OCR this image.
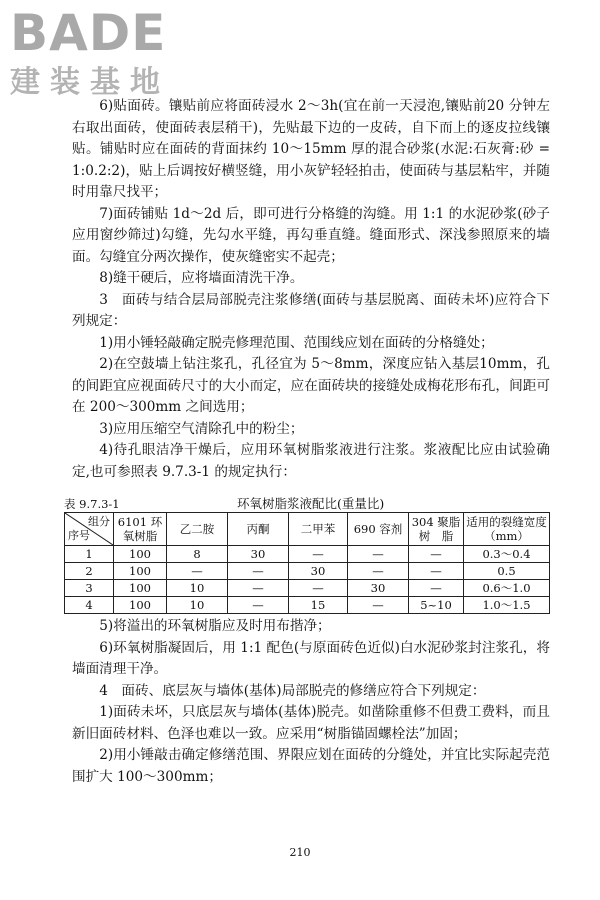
BADE
建装基地

6)贴面砖。镶贴前应将面砖浸水 2～3h(宜在前一天浸泡,镶贴前20 分钟左右取出面砖，使面砖表层稍干)，先贴最下边的一皮砖，自下而上的逐皮拉线镶贴。铺贴时应在面砖的背面抹约 10～15mm 厚的混合砂浆(水泥:石灰膏:砂 = 1:0.2:2)，贴上后调按好横竖缝，用小灰铲轻轻拍击，使面砖与基层粘牢，并随时用靠尺找平；

7)面砖铺贴 1d～2d 后，即可进行分格缝的沟缝。用 1:1 的水泥砂浆(砂子应用窗纱筛过)勾缝，先勾水平缝，再勾垂直缝。缝面形式、深浅参照原来的墙面。勾缝宜分两次操作，使灰缝密实不起壳；

8)缝干硬后，应将墙面清洗干净。

3　面砖与结合层局部脱壳注浆修缮(面砖与基层脱离、面砖未坏)应符合下列规定：

1)用小锤轻敲确定脱壳修理范围、范围线应划在面砖的分格缝处；

2)在空鼓墙上钻注浆孔，孔径宜为 5～8mm，深度应钻入基层10mm，孔的间距宜应视面砖尺寸的大小而定，应在面砖块的接缝处成梅花形布孔，间距可在 200～300mm 之间选用；

3)应用压缩空气清除孔中的粉尘；

4)待孔眼洁净干燥后，应用环氧树脂浆液进行注浆。浆液配比应由试验确定,也可参照表 9.7.3-1 的规定执行：

表 9.7.3-1	环氧树脂浆液配比(重量比)
组分
序号	6101 环氧树脂	乙二胺	丙酮	二甲苯	690 容剂	304 聚脂树　脂	适用的裂缝宽度（mm）
1	100	8	30	—	—	—	0.3～0.4
2	100	—	—	30	—	—	0.5
3	100	10	—	—	30	—	0.6～1.0
4	100	10	—	15	—	5~10	1.0～1.5

5)将溢出的环氧树脂应及时用布揩净；

6)环氧树脂凝固后，用 1:1 配色(与原面砖色近似)白水泥砂浆封注浆孔，将墙面清理干净。

4　面砖、底层灰与墙体(基体)局部脱壳的修缮应符合下列规定：

1)面砖未坏，只底层灰与墙体(基体)脱壳。如凿除重修不但费工费料，而且新旧面砖材料、色泽也难以一致。应采用“树脂锚固螺栓法”加固；

2)用小锤敲击确定修缮范围、界限应划在面砖的分缝处，并宜比实际起壳范围扩大 100～300mm；

210
